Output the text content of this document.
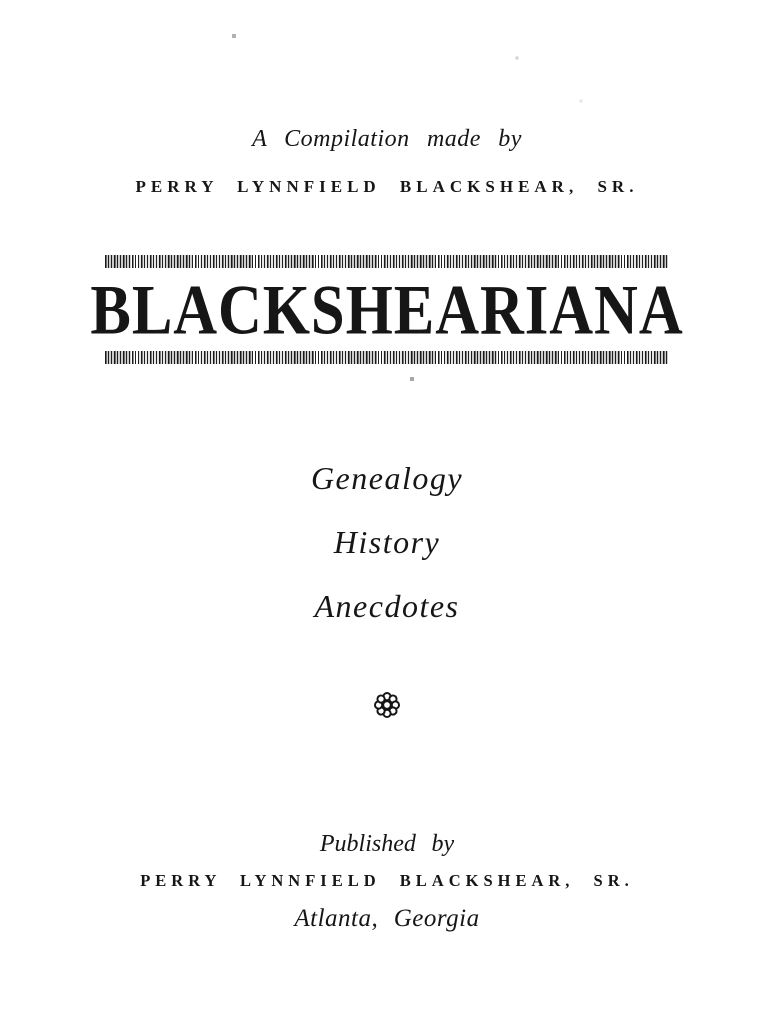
A Compilation made by
PERRY LYNNFIELD BLACKSHEAR, SR.
BLACKSHEARIANA
Genealogy
History
Anecdotes
Published by
PERRY LYNNFIELD BLACKSHEAR, SR.
Atlanta, Georgia
